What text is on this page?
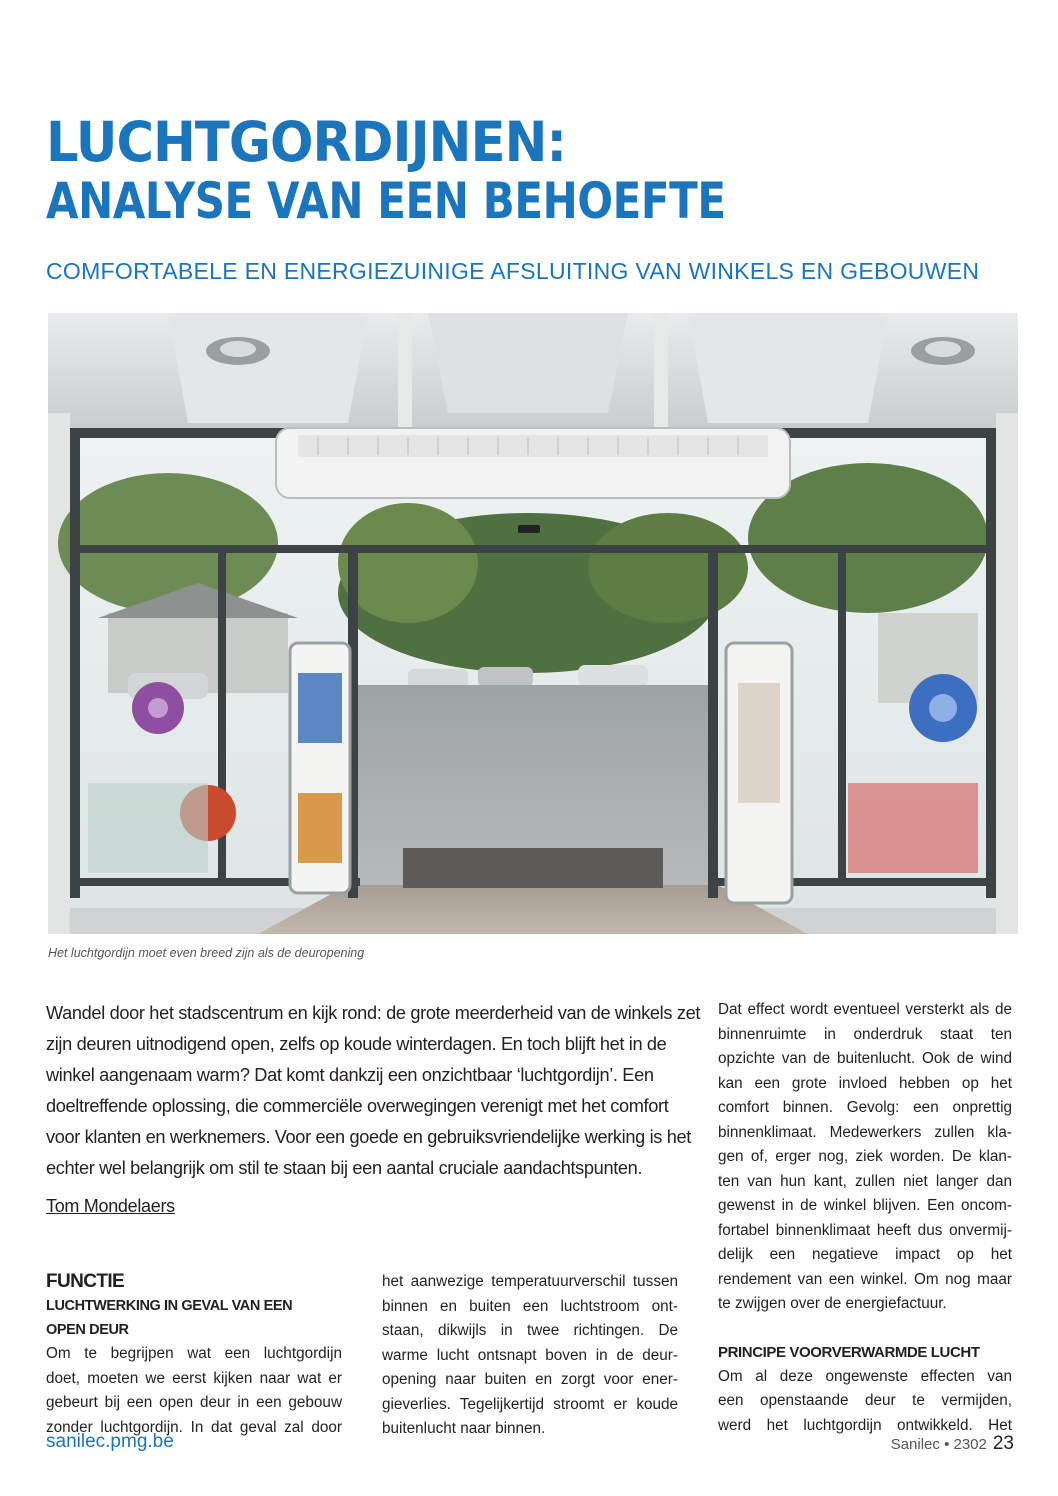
LUCHTGORDIJNEN:
ANALYSE VAN EEN BEHOEFTE
COMFORTABELE EN ENERGIEZUINIGE AFSLUITING VAN WINKELS EN GEBOUWEN
Het luchtgordijn moet even breed zijn als de deuropening

Wandel door het stadscentrum en kijk rond: de grote meerderheid van de winkels zet

zijn deuren uitnodigend open, zelfs op koude winterdagen. En toch blijft het in de

winkel aangenaam warm? Dat komt dankzij een onzichtbaar ‘luchtgordijn’. Een

doeltreffende oplossing, die commerciële overwegingen verenigt met het comfort

voor klanten en werknemers. Voor een goede en gebruiksvriendelijke werking is het

echter wel belangrijk om stil te staan bij een aantal cruciale aandachtspunten.

Tom Mondelaers
FUNCTIE
LUCHTWERKING IN GEVAL VAN EEN
OPEN DEUR

Om te begrijpen wat een luchtgordijn

doet, moeten we eerst kijken naar wat er

gebeurt bij een open deur in een gebouw

zonder luchtgordijn. In dat geval zal door

het aanwezige temperatuurverschil tussen

binnen en buiten een luchtstroom ont-

staan, dikwijls in twee richtingen. De

warme lucht ontsnapt boven in de deur-

opening naar buiten en zorgt voor ener-

gieverlies. Tegelijkertijd stroomt er koude

buitenlucht naar binnen.

Dat effect wordt eventueel versterkt als de

binnenruimte in onderdruk staat ten

opzichte van de buitenlucht. Ook de wind

kan een grote invloed hebben op het

comfort binnen. Gevolg: een onprettig

binnenklimaat. Medewerkers zullen kla-

gen of, erger nog, ziek worden. De klan-

ten van hun kant, zullen niet langer dan

gewenst in de winkel blijven. Een oncom-

fortabel binnenklimaat heeft dus onvermij-

delijk een negatieve impact op het

rendement van een winkel. Om nog maar

te zwijgen over de energiefactuur.

PRINCIPE VOORVERWARMDE LUCHT

Om al deze ongewenste effecten van

een openstaande deur te vermijden,

werd het luchtgordijn ontwikkeld. Het

sanilec.pmg.be	Sanilec • 2302 23
